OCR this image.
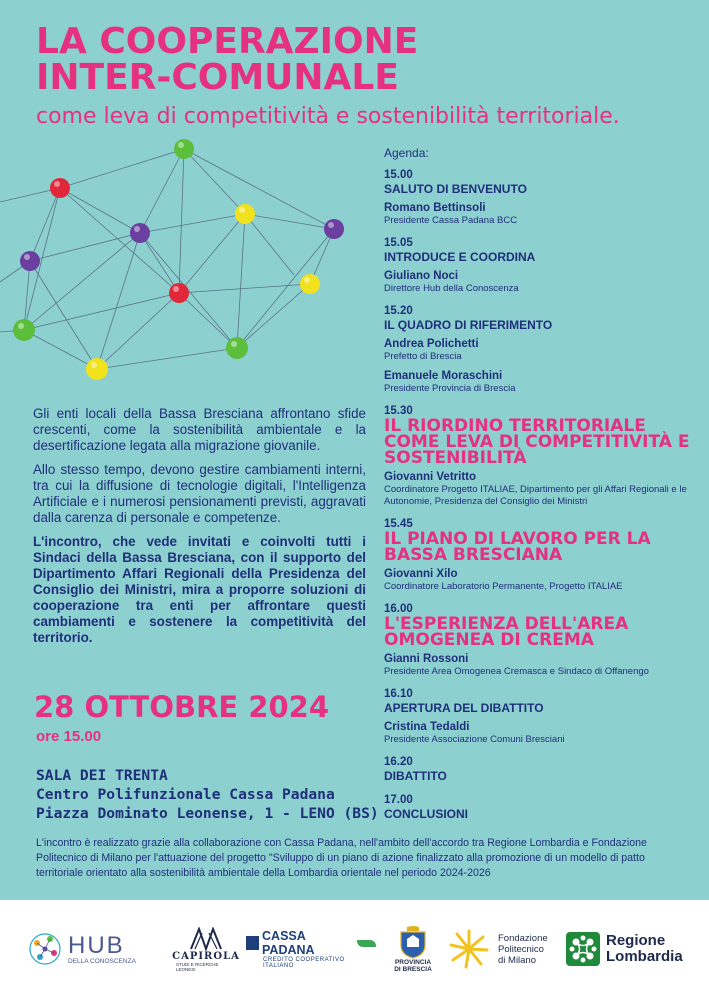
LA COOPERAZIONE
INTER-COMUNALE
come leva di competitività e sostenibilità territoriale.
Agenda:
15.00
SALUTO DI BENVENUTO
Romano Bettinsoli
Presidente Cassa Padana BCC
15.05
INTRODUCE E COORDINA
Giuliano Noci
Direttore Hub della Conoscenza
15.20
IL QUADRO DI RIFERIMENTO
Andrea Polichetti
Prefetto di Brescia
Emanuele Moraschini
Presidente Provincia di Brescia
15.30
IL RIORDINO TERRITORIALE COME LEVA DI COMPETITIVITÀ E SOSTENIBILITÀ
Giovanni Vetritto
Coordinatore Progetto ITALIAE, Dipartimento per gli Affari Regionali e le Autonomie, Presidenza del Consiglio dei Ministri
15.45
IL PIANO DI LAVORO PER LA BASSA BRESCIANA
Giovanni Xilo
Coordinatore Laboratorio Permanente, Progetto ITALIAE
16.00
L'ESPERIENZA DELL'AREA OMOGENEA DI CREMA
Gianni Rossoni
Presidente Area Omogenea Cremasca e Sindaco di Offanengo
16.10
APERTURA DEL DIBATTITO
Cristina Tedaldi
Presidente Associazione Comuni Bresciani
16.20
DIBATTITO
17.00
CONCLUSIONI

Gli enti locali della Bassa Bresciana affrontano sfide crescenti, come la sostenibilità ambientale e la desertificazione legata alla migrazione giovanile.

Allo stesso tempo, devono gestire cambiamenti interni, tra cui la diffusione di tecnologie digitali, l'Intelligenza Artificiale e i numerosi pensionamenti previsti, aggravati dalla carenza di personale e competenze.

L'incontro, che vede invitati e coinvolti tutti i Sindaci della Bassa Bresciana, con il supporto del Dipartimento Affari Regionali della Presidenza del Consiglio dei Ministri, mira a proporre soluzioni di cooperazione tra enti per affrontare questi cambiamenti e sostenere la competitività del territorio.

28 OTTOBRE 2024
ore 15.00
SALA DEI TRENTA
Centro Polifunzionale Cassa Padana
Piazza Dominato Leonense, 1 - LENO (BS)
L'incontro è realizzato grazie alla collaborazione con Cassa Padana, nell'ambito dell'accordo tra Regione Lombardia e Fondazione Politecnico di Milano per l'attuazione del progetto "Sviluppo di un piano di azione finalizzato alla promozione di un modello di patto territoriale orientato alla sostenibilità ambientale della Lombardia orientale nel periodo 2024-2026
HUB
DELLA CONOSCENZA	CAPIROLA
STUDI E RICERCHE LEONESI
CASSA PADANA
CREDITO COOPERATIVO ITALIANO	PROVINCIA
DI BRESCIA
Fondazione
Politecnico
di Milano
Regione
Lombardia
